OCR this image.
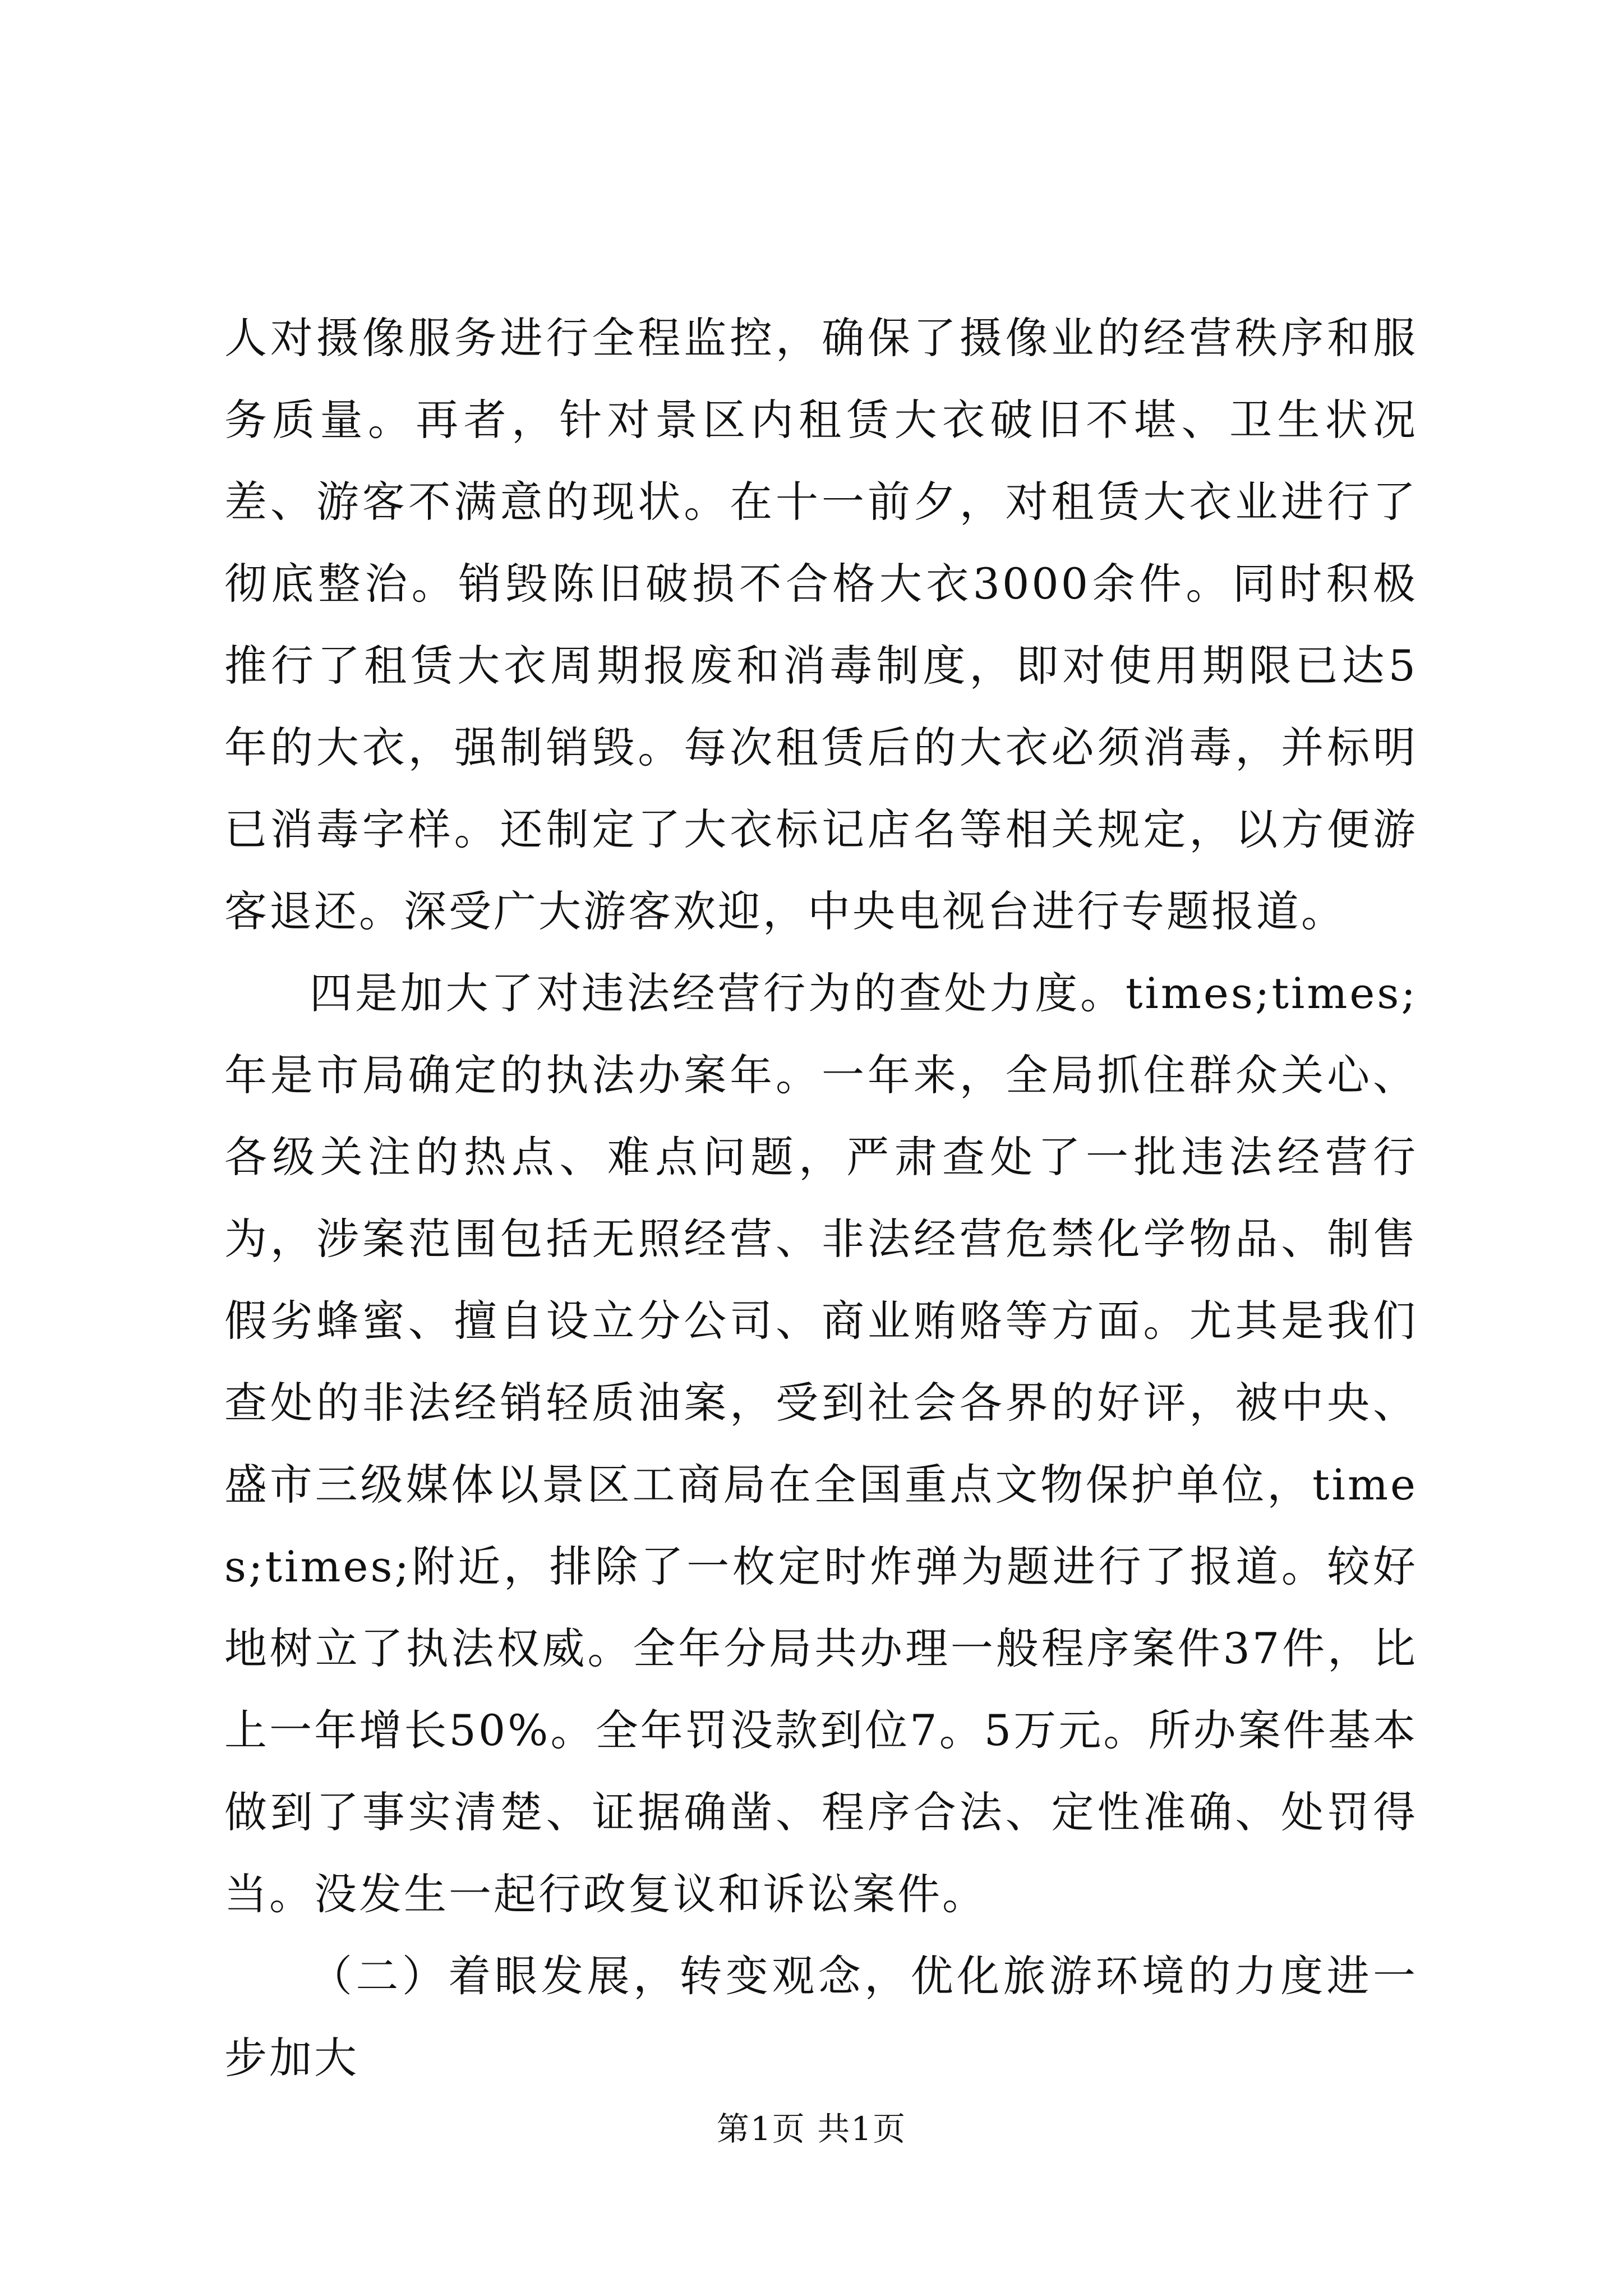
人对摄像服务进行全程监控，确保了摄像业的经营秩序和服务质量。再者，针对景区内租赁大衣破旧不堪、卫生状况差、游客不满意的现状。在十一前夕，对租赁大衣业进行了彻底整治。销毁陈旧破损不合格大衣3000余件。同时积极推行了租赁大衣周期报废和消毒制度，即对使用期限已达5年的大衣，强制销毁。每次租赁后的大衣必须消毒，并标明已消毒字样。还制定了大衣标记店名等相关规定，以方便游客退还。深受广大游客欢迎，中央电视台进行专题报道。

四是加大了对违法经营行为的查处力度。times;times;年是市局确定的执法办案年。一年来，全局抓住群众关心、各级关注的热点、难点问题，严肃查处了一批违法经营行为，涉案范围包括无照经营、非法经营危禁化学物品、制售假劣蜂蜜、擅自设立分公司、商业贿赂等方面。尤其是我们查处的非法经销轻质油案，受到社会各界的好评，被中央、盛市三级媒体以景区工商局在全国重点文物保护单位，times;times;附近，排除了一枚定时炸弹为题进行了报道。较好地树立了执法权威。全年分局共办理一般程序案件37件，比上一年增长50%。全年罚没款到位7。5万元。所办案件基本做到了事实清楚、证据确凿、程序合法、定性准确、处罚得当。没发生一起行政复议和诉讼案件。

（二）着眼发展，转变观念，优化旅游环境的力度进一步加大

第1页 共1页
